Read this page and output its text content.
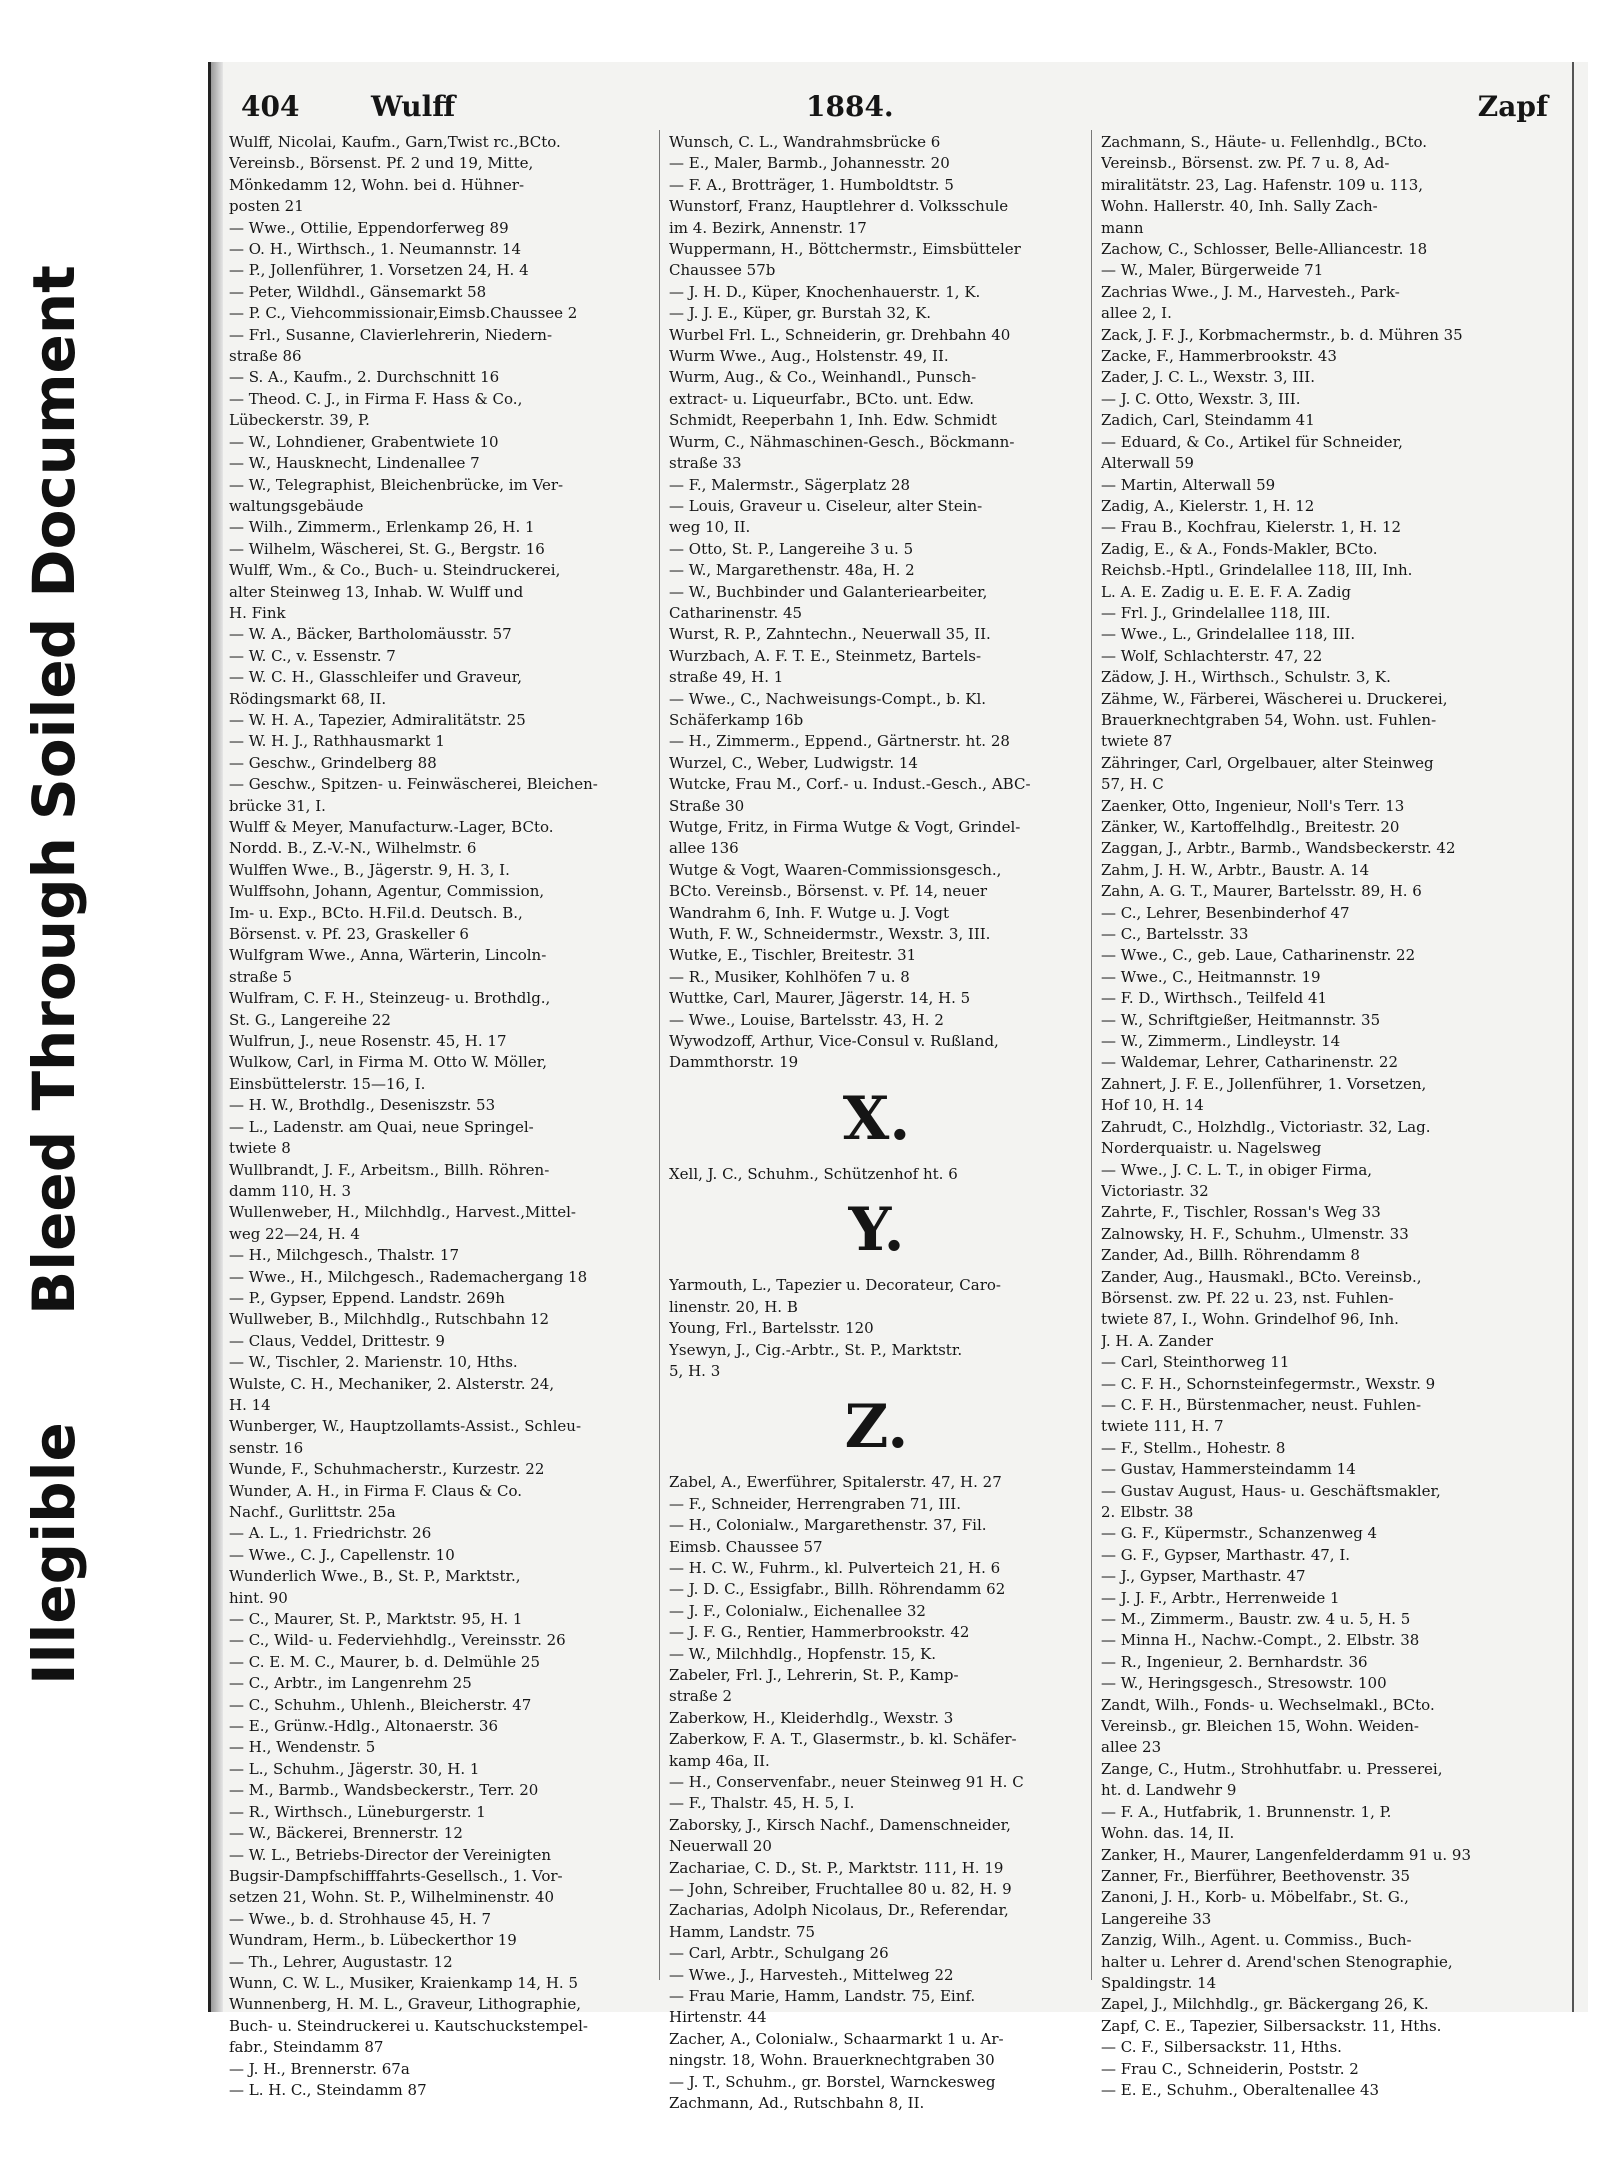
Illegible
Bleed Through
Soiled Document
404	Wulff	1884.	Zapf
Wulff, Nicolai, Kaufm., Garn,Twist rc.,BCto.
Vereinsb., Börsenst. Pf. 2 und 19, Mitte,
Mönkedamm 12, Wohn. bei d. Hühner-
posten 21
— Wwe., Ottilie, Eppendorferweg 89
— O. H., Wirthsch., 1. Neumannstr. 14
— P., Jollenführer, 1. Vorsetzen 24, H. 4
— Peter, Wildhdl., Gänsemarkt 58
— P. C., Viehcommissionair,Eimsb.Chaussee 2
— Frl., Susanne, Clavierlehrerin, Niedern-
straße 86
— S. A., Kaufm., 2. Durchschnitt 16
— Theod. C. J., in Firma F. Hass & Co.,
Lübeckerstr. 39, P.
— W., Lohndiener, Grabentwiete 10
— W., Hausknecht, Lindenallee 7
— W., Telegraphist, Bleichenbrücke, im Ver-
waltungsgebäude
— Wilh., Zimmerm., Erlenkamp 26, H. 1
— Wilhelm, Wäscherei, St. G., Bergstr. 16
Wulff, Wm., & Co., Buch- u. Steindruckerei,
alter Steinweg 13, Inhab. W. Wulff und
H. Fink
— W. A., Bäcker, Bartholomäusstr. 57
— W. C., v. Essenstr. 7
— W. C. H., Glasschleifer und Graveur,
Rödingsmarkt 68, II.
— W. H. A., Tapezier, Admiralitätstr. 25
— W. H. J., Rathhausmarkt 1
— Geschw., Grindelberg 88
— Geschw., Spitzen- u. Feinwäscherei, Bleichen-
brücke 31, I.
Wulff & Meyer, Manufacturw.-Lager, BCto.
Nordd. B., Z.-V.-N., Wilhelmstr. 6
Wulffen Wwe., B., Jägerstr. 9, H. 3, I.
Wulffsohn, Johann, Agentur, Commission,
Im- u. Exp., BCto. H.Fil.d. Deutsch. B.,
Börsenst. v. Pf. 23, Graskeller 6
Wulfgram Wwe., Anna, Wärterin, Lincoln-
straße 5
Wulfram, C. F. H., Steinzeug- u. Brothdlg.,
St. G., Langereihe 22
Wulfrun, J., neue Rosenstr. 45, H. 17
Wulkow, Carl, in Firma M. Otto W. Möller,
Einsbüttelerstr. 15—16, I.
— H. W., Brothdlg., Deseniszstr. 53
— L., Ladenstr. am Quai, neue Springel-
twiete 8
Wullbrandt, J. F., Arbeitsm., Billh. Röhren-
damm 110, H. 3
Wullenweber, H., Milchhdlg., Harvest.,Mittel-
weg 22—24, H. 4
— H., Milchgesch., Thalstr. 17
— Wwe., H., Milchgesch., Rademachergang 18
— P., Gypser, Eppend. Landstr. 269h
Wullweber, B., Milchhdlg., Rutschbahn 12
— Claus, Veddel, Drittestr. 9
— W., Tischler, 2. Marienstr. 10, Hths.
Wulste, C. H., Mechaniker, 2. Alsterstr. 24,
H. 14
Wunberger, W., Hauptzollamts-Assist., Schleu-
senstr. 16
Wunde, F., Schuhmacherstr., Kurzestr. 22
Wunder, A. H., in Firma F. Claus & Co.
Nachf., Gurlittstr. 25a
— A. L., 1. Friedrichstr. 26
— Wwe., C. J., Capellenstr. 10
Wunderlich Wwe., B., St. P., Marktstr.,
hint. 90
— C., Maurer, St. P., Marktstr. 95, H. 1
— C., Wild- u. Federviehhdlg., Vereinsstr. 26
— C. E. M. C., Maurer, b. d. Delmühle 25
— C., Arbtr., im Langenrehm 25
— C., Schuhm., Uhlenh., Bleicherstr. 47
— E., Grünw.-Hdlg., Altonaerstr. 36
— H., Wendenstr. 5
— L., Schuhm., Jägerstr. 30, H. 1
— M., Barmb., Wandsbeckerstr., Terr. 20
— R., Wirthsch., Lüneburgerstr. 1
— W., Bäckerei, Brennerstr. 12
— W. L., Betriebs-Director der Vereinigten
Bugsir-Dampfschifffahrts-Gesellsch., 1. Vor-
setzen 21, Wohn. St. P., Wilhelminenstr. 40
— Wwe., b. d. Strohhause 45, H. 7
Wundram, Herm., b. Lübeckerthor 19
— Th., Lehrer, Augustastr. 12
Wunn, C. W. L., Musiker, Kraienkamp 14, H. 5
Wunnenberg, H. M. L., Graveur, Lithographie,
Buch- u. Steindruckerei u. Kautschuckstempel-
fabr., Steindamm 87
— J. H., Brennerstr. 67a
— L. H. C., Steindamm 87
Wunsch, C. L., Wandrahmsbrücke 6
— E., Maler, Barmb., Johannesstr. 20
— F. A., Brotträger, 1. Humboldtstr. 5
Wunstorf, Franz, Hauptlehrer d. Volksschule
im 4. Bezirk, Annenstr. 17
Wuppermann, H., Böttchermstr., Eimsbütteler
Chaussee 57b
— J. H. D., Küper, Knochenhauerstr. 1, K.
— J. J. E., Küper, gr. Burstah 32, K.
Wurbel Frl. L., Schneiderin, gr. Drehbahn 40
Wurm Wwe., Aug., Holstenstr. 49, II.
Wurm, Aug., & Co., Weinhandl., Punsch-
extract- u. Liqueurfabr., BCto. unt. Edw.
Schmidt, Reeperbahn 1, Inh. Edw. Schmidt
Wurm, C., Nähmaschinen-Gesch., Böckmann-
straße 33
— F., Malermstr., Sägerplatz 28
— Louis, Graveur u. Ciseleur, alter Stein-
weg 10, II.
— Otto, St. P., Langereihe 3 u. 5
— W., Margarethenstr. 48a, H. 2
— W., Buchbinder und Galanteriearbeiter,
Catharinenstr. 45
Wurst, R. P., Zahntechn., Neuerwall 35, II.
Wurzbach, A. F. T. E., Steinmetz, Bartels-
straße 49, H. 1
— Wwe., C., Nachweisungs-Compt., b. Kl.
Schäferkamp 16b
— H., Zimmerm., Eppend., Gärtnerstr. ht. 28
Wurzel, C., Weber, Ludwigstr. 14
Wutcke, Frau M., Corf.- u. Indust.-Gesch., ABC-
Straße 30
Wutge, Fritz, in Firma Wutge & Vogt, Grindel-
allee 136
Wutge & Vogt, Waaren-Commissionsgesch.,
BCto. Vereinsb., Börsenst. v. Pf. 14, neuer
Wandrahm 6, Inh. F. Wutge u. J. Vogt
Wuth, F. W., Schneidermstr., Wexstr. 3, III.
Wutke, E., Tischler, Breitestr. 31
— R., Musiker, Kohlhöfen 7 u. 8
Wuttke, Carl, Maurer, Jägerstr. 14, H. 5
— Wwe., Louise, Bartelsstr. 43, H. 2
Wywodzoff, Arthur, Vice-Consul v. Rußland,
Dammthorstr. 19
X.
Xell, J. C., Schuhm., Schützenhof ht. 6
Y.
Yarmouth, L., Tapezier u. Decorateur, Caro-
linenstr. 20, H. B
Young, Frl., Bartelsstr. 120
Ysewyn, J., Cig.-Arbtr., St. P., Marktstr.
5, H. 3
Z.
Zabel, A., Ewerführer, Spitalerstr. 47, H. 27
— F., Schneider, Herrengraben 71, III.
— H., Colonialw., Margarethenstr. 37, Fil.
Eimsb. Chaussee 57
— H. C. W., Fuhrm., kl. Pulverteich 21, H. 6
— J. D. C., Essigfabr., Billh. Röhrendamm 62
— J. F., Colonialw., Eichenallee 32
— J. F. G., Rentier, Hammerbrookstr. 42
— W., Milchhdlg., Hopfenstr. 15, K.
Zabeler, Frl. J., Lehrerin, St. P., Kamp-
straße 2
Zaberkow, H., Kleiderhdlg., Wexstr. 3
Zaberkow, F. A. T., Glasermstr., b. kl. Schäfer-
kamp 46a, II.
— H., Conservenfabr., neuer Steinweg 91 H. C
— F., Thalstr. 45, H. 5, I.
Zaborsky, J., Kirsch Nachf., Damenschneider,
Neuerwall 20
Zachariae, C. D., St. P., Marktstr. 111, H. 19
— John, Schreiber, Fruchtallee 80 u. 82, H. 9
Zacharias, Adolph Nicolaus, Dr., Referendar,
Hamm, Landstr. 75
— Carl, Arbtr., Schulgang 26
— Wwe., J., Harvesteh., Mittelweg 22
— Frau Marie, Hamm, Landstr. 75, Einf.
Hirtenstr. 44
Zacher, A., Colonialw., Schaarmarkt 1 u. Ar-
ningstr. 18, Wohn. Brauerknechtgraben 30
— J. T., Schuhm., gr. Borstel, Warnckesweg
Zachmann, Ad., Rutschbahn 8, II.
Zachmann, S., Häute- u. Fellenhdlg., BCto.
Vereinsb., Börsenst. zw. Pf. 7 u. 8, Ad-
miralitätstr. 23, Lag. Hafenstr. 109 u. 113,
Wohn. Hallerstr. 40, Inh. Sally Zach-
mann
Zachow, C., Schlosser, Belle-Alliancestr. 18
— W., Maler, Bürgerweide 71
Zachrias Wwe., J. M., Harvesteh., Park-
allee 2, I.
Zack, J. F. J., Korbmachermstr., b. d. Mühren 35
Zacke, F., Hammerbrookstr. 43
Zader, J. C. L., Wexstr. 3, III.
— J. C. Otto, Wexstr. 3, III.
Zadich, Carl, Steindamm 41
— Eduard, & Co., Artikel für Schneider,
Alterwall 59
— Martin, Alterwall 59
Zadig, A., Kielerstr. 1, H. 12
— Frau B., Kochfrau, Kielerstr. 1, H. 12
Zadig, E., & A., Fonds-Makler, BCto.
Reichsb.-Hptl., Grindelallee 118, III, Inh.
L. A. E. Zadig u. E. E. F. A. Zadig
— Frl. J., Grindelallee 118, III.
— Wwe., L., Grindelallee 118, III.
— Wolf, Schlachterstr. 47, 22
Zädow, J. H., Wirthsch., Schulstr. 3, K.
Zähme, W., Färberei, Wäscherei u. Druckerei,
Brauerknechtgraben 54, Wohn. ust. Fuhlen-
twiete 87
Zähringer, Carl, Orgelbauer, alter Steinweg
57, H. C
Zaenker, Otto, Ingenieur, Noll's Terr. 13
Zänker, W., Kartoffelhdlg., Breitestr. 20
Zaggan, J., Arbtr., Barmb., Wandsbeckerstr. 42
Zahm, J. H. W., Arbtr., Baustr. A. 14
Zahn, A. G. T., Maurer, Bartelsstr. 89, H. 6
— C., Lehrer, Besenbinderhof 47
— C., Bartelsstr. 33
— Wwe., C., geb. Laue, Catharinenstr. 22
— Wwe., C., Heitmannstr. 19
— F. D., Wirthsch., Teilfeld 41
— W., Schriftgießer, Heitmannstr. 35
— W., Zimmerm., Lindleystr. 14
— Waldemar, Lehrer, Catharinenstr. 22
Zahnert, J. F. E., Jollenführer, 1. Vorsetzen,
Hof 10, H. 14
Zahrudt, C., Holzhdlg., Victoriastr. 32, Lag.
Norderquaistr. u. Nagelsweg
— Wwe., J. C. L. T., in obiger Firma,
Victoriastr. 32
Zahrte, F., Tischler, Rossan's Weg 33
Zalnowsky, H. F., Schuhm., Ulmenstr. 33
Zander, Ad., Billh. Röhrendamm 8
Zander, Aug., Hausmakl., BCto. Vereinsb.,
Börsenst. zw. Pf. 22 u. 23, nst. Fuhlen-
twiete 87, I., Wohn. Grindelhof 96, Inh.
J. H. A. Zander
— Carl, Steinthorweg 11
— C. F. H., Schornsteinfegermstr., Wexstr. 9
— C. F. H., Bürstenmacher, neust. Fuhlen-
twiete 111, H. 7
— F., Stellm., Hohestr. 8
— Gustav, Hammersteindamm 14
— Gustav August, Haus- u. Geschäftsmakler,
2. Elbstr. 38
— G. F., Küpermstr., Schanzenweg 4
— G. F., Gypser, Marthastr. 47, I.
— J., Gypser, Marthastr. 47
— J. J. F., Arbtr., Herrenweide 1
— M., Zimmerm., Baustr. zw. 4 u. 5, H. 5
— Minna H., Nachw.-Compt., 2. Elbstr. 38
— R., Ingenieur, 2. Bernhardstr. 36
— W., Heringsgesch., Stresowstr. 100
Zandt, Wilh., Fonds- u. Wechselmakl., BCto.
Vereinsb., gr. Bleichen 15, Wohn. Weiden-
allee 23
Zange, C., Hutm., Strohhutfabr. u. Presserei,
ht. d. Landwehr 9
— F. A., Hutfabrik, 1. Brunnenstr. 1, P.
Wohn. das. 14, II.
Zanker, H., Maurer, Langenfelderdamm 91 u. 93
Zanner, Fr., Bierführer, Beethovenstr. 35
Zanoni, J. H., Korb- u. Möbelfabr., St. G.,
Langereihe 33
Zanzig, Wilh., Agent. u. Commiss., Buch-
halter u. Lehrer d. Arend'schen Stenographie,
Spaldingstr. 14
Zapel, J., Milchhdlg., gr. Bäckergang 26, K.
Zapf, C. E., Tapezier, Silbersackstr. 11, Hths.
— C. F., Silbersackstr. 11, Hths.
— Frau C., Schneiderin, Poststr. 2
— E. E., Schuhm., Oberaltenallee 43
